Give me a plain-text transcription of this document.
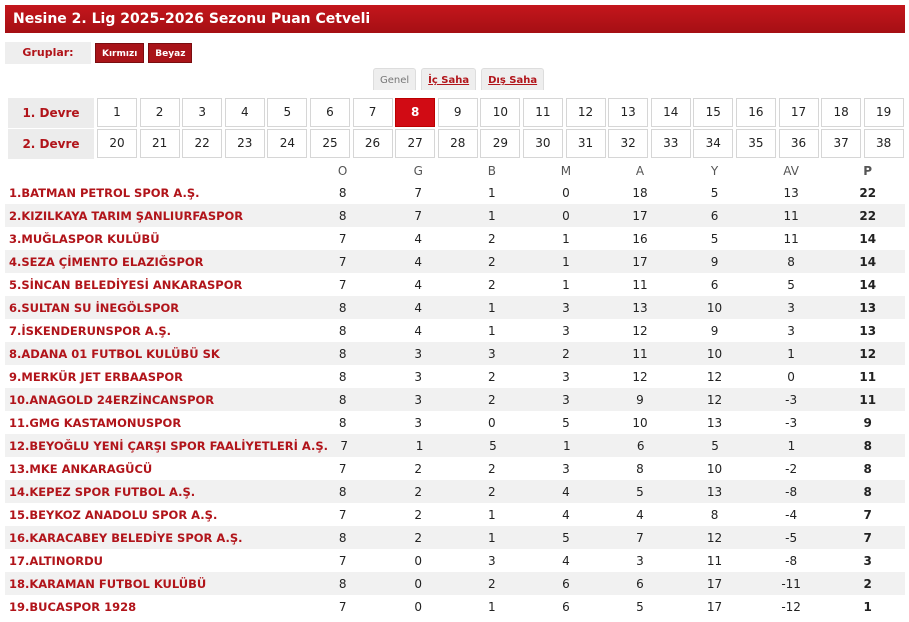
Nesine 2. Lig 2025-2026 Sezonu Puan Cetveli
Gruplar:	Kırmızı	Beyaz
Genel	İç Saha	Dış Saha
1. Devre	1	2	3	4	5	6	7	8	9	10	11	12	13	14	15	16	17	18	19
2. Devre	20	21	22	23	24	25	26	27	28	29	30	31	32	33	34	35	36	37	38
O	G	B	M	A	Y	AV	P
1.BATMAN PETROL SPOR A.Ş.	8	7	1	0	18	5	13	22
2.KIZILKAYA TARIM ŞANLIURFASPOR	8	7	1	0	17	6	11	22
3.MUĞLASPOR KULÜBÜ	7	4	2	1	16	5	11	14
4.SEZA ÇİMENTO ELAZIĞSPOR	7	4	2	1	17	9	8	14
5.SİNCAN BELEDİYESİ ANKARASPOR	7	4	2	1	11	6	5	14
6.SULTAN SU İNEGÖLSPOR	8	4	1	3	13	10	3	13
7.İSKENDERUNSPOR A.Ş.	8	4	1	3	12	9	3	13
8.ADANA 01 FUTBOL KULÜBÜ SK	8	3	3	2	11	10	1	12
9.MERKÜR JET ERBAASPOR	8	3	2	3	12	12	0	11
10.ANAGOLD 24ERZİNCANSPOR	8	3	2	3	9	12	-3	11
11.GMG KASTAMONUSPOR	8	3	0	5	10	13	-3	9
12.BEYOĞLU YENİ ÇARŞI SPOR FAALİYETLERİ A.Ş.	7	1	5	1	6	5	1	8
13.MKE ANKARAGÜCÜ	7	2	2	3	8	10	-2	8
14.KEPEZ SPOR FUTBOL A.Ş.	8	2	2	4	5	13	-8	8
15.BEYKOZ ANADOLU SPOR A.Ş.	7	2	1	4	4	8	-4	7
16.KARACABEY BELEDİYE SPOR A.Ş.	8	2	1	5	7	12	-5	7
17.ALTINORDU	7	0	3	4	3	11	-8	3
18.KARAMAN FUTBOL KULÜBÜ	8	0	2	6	6	17	-11	2
19.BUCASPOR 1928	7	0	1	6	5	17	-12	1
